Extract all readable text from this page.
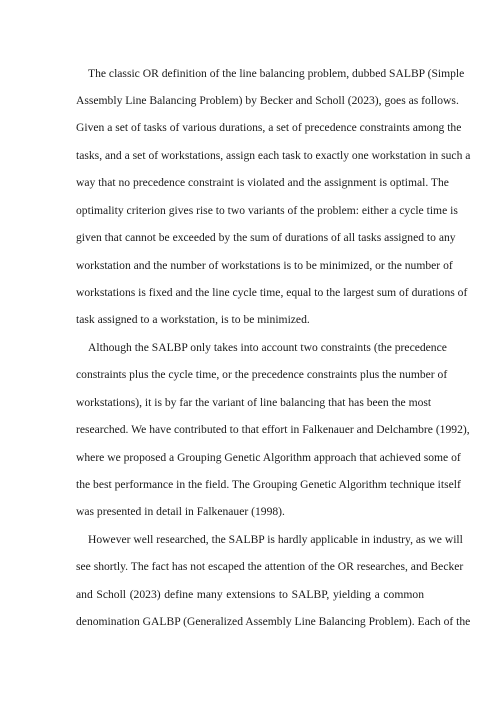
The classic OR definition of the line balancing problem, dubbed SALBP (Simple
Assembly Line Balancing Problem) by Becker and Scholl (2023), goes as follows.
Given a set of tasks of various durations, a set of precedence constraints among the
tasks, and a set of workstations, assign each task to exactly one workstation in such a
way that no precedence constraint is violated and the assignment is optimal. The
optimality criterion gives rise to two variants of the problem: either a cycle time is
given that cannot be exceeded by the sum of durations of all tasks assigned to any
workstation and the number of workstations is to be minimized, or the number of
workstations is fixed and the line cycle time, equal to the largest sum of durations of
task assigned to a workstation, is to be minimized.
Although the SALBP only takes into account two constraints (the precedence
constraints plus the cycle time, or the precedence constraints plus the number of
workstations), it is by far the variant of line balancing that has been the most
researched. We have contributed to that effort in Falkenauer and Delchambre (1992),
where we proposed a Grouping Genetic Algorithm approach that achieved some of
the best performance in the field. The Grouping Genetic Algorithm technique itself
was presented in detail in Falkenauer (1998).
However well researched, the SALBP is hardly applicable in industry, as we will
see shortly. The fact has not escaped the attention of the OR researches, and Becker
and Scholl (2023) define many extensions to SALBP, yielding a common
denomination GALBP (Generalized Assembly Line Balancing Problem). Each of the
